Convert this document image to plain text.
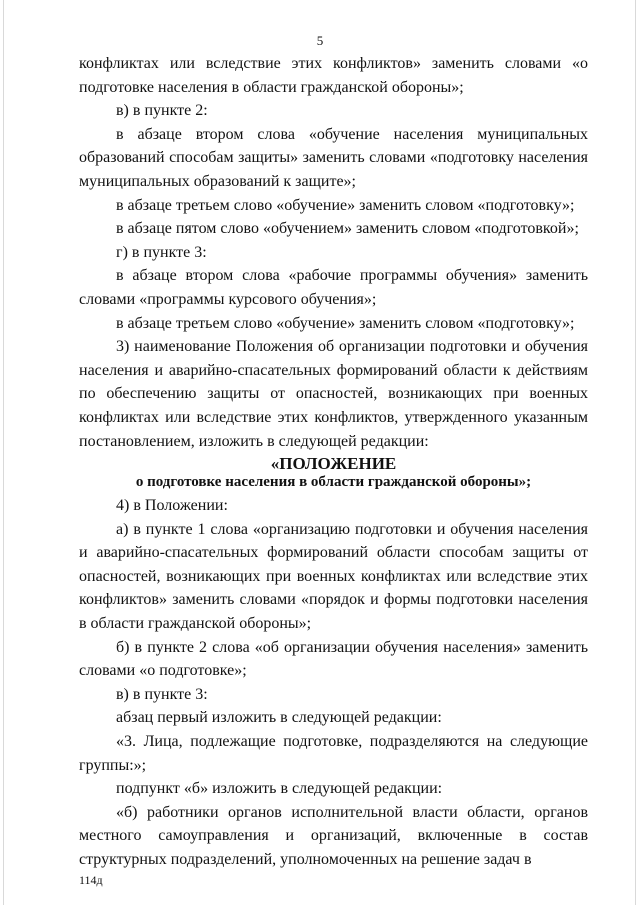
5

конфликтах или вследствие этих конфликтов» заменить словами «о подготовке населения в области гражданской обороны»;

в) в пункте 2:

в абзаце втором слова «обучение населения муниципальных образований способам защиты» заменить словами «подготовку населения муниципальных образований к защите»;

в абзаце третьем слово «обучение» заменить словом «подготовку»;

в абзаце пятом слово «обучением» заменить словом «подготовкой»;

г) в пункте 3:

в абзаце втором слова «рабочие программы обучения» заменить словами «программы курсового обучения»;

в абзаце третьем слово «обучение» заменить словом «подготовку»;

3) наименование Положения об организации подготовки и обучения населения и аварийно-спасательных формирований области к действиям по обеспечению защиты от опасностей, возникающих при военных конфликтах или вследствие этих конфликтов, утвержденного указанным постановлением, изложить в следующей редакции:

«ПОЛОЖЕНИЕ

о подготовке населения в области гражданской обороны»;

4) в Положении:

а) в пункте 1 слова «организацию подготовки и обучения населения и аварийно-спасательных формирований области способам защиты от опасностей, возникающих при военных конфликтах или вследствие этих конфликтов» заменить словами «порядок и формы подготовки населения в области гражданской обороны»;

б) в пункте 2 слова «об организации обучения населения» заменить словами «о подготовке»;

в) в пункте 3:

абзац первый изложить в следующей редакции:

«3. Лица, подлежащие подготовке, подразделяются на следующие группы:»;

подпункт «б» изложить в следующей редакции:

«б) работники органов исполнительной власти области, органов местного самоуправления и организаций, включенные в состав структурных подразделений, уполномоченных на решение задач в

114д
